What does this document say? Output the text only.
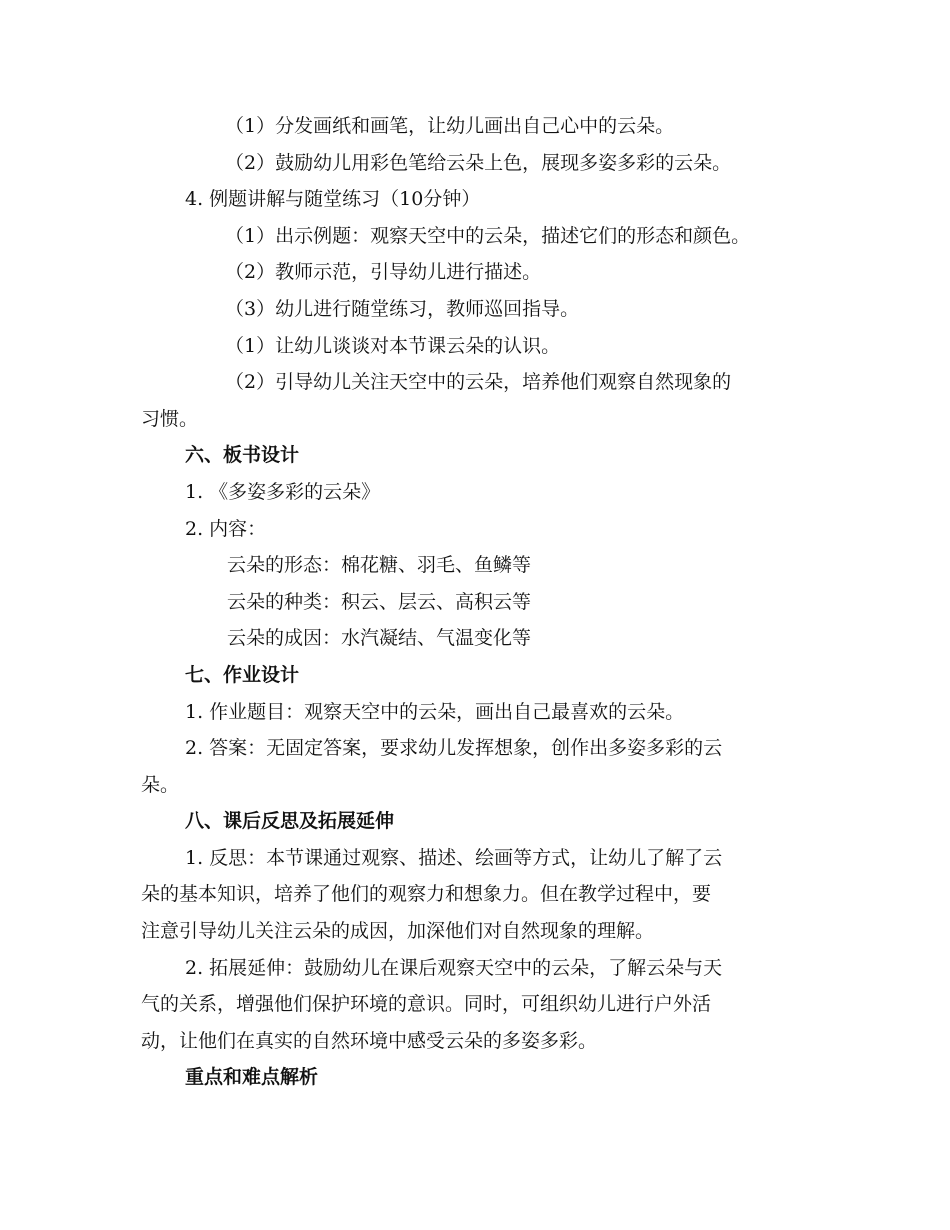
（1）分发画纸和画笔，让幼儿画出自己心中的云朵。
（2）鼓励幼儿用彩色笔给云朵上色，展现多姿多彩的云朵。
4. 例题讲解与随堂练习（10分钟）
（1）出示例题：观察天空中的云朵，描述它们的形态和颜色。
（2）教师示范，引导幼儿进行描述。
（3）幼儿进行随堂练习，教师巡回指导。
（1）让幼儿谈谈对本节课云朵的认识。
（2）引导幼儿关注天空中的云朵，培养他们观察自然现象的
习惯。
六、板书设计
1. 《多姿多彩的云朵》
2. 内容：
云朵的形态：棉花糖、羽毛、鱼鳞等
云朵的种类：积云、层云、高积云等
云朵的成因：水汽凝结、气温变化等
七、作业设计
1. 作业题目：观察天空中的云朵，画出自己最喜欢的云朵。
2. 答案：无固定答案，要求幼儿发挥想象，创作出多姿多彩的云
朵。
八、课后反思及拓展延伸
1. 反思：本节课通过观察、描述、绘画等方式，让幼儿了解了云
朵的基本知识，培养了他们的观察力和想象力。但在教学过程中，要
注意引导幼儿关注云朵的成因，加深他们对自然现象的理解。
2. 拓展延伸：鼓励幼儿在课后观察天空中的云朵，了解云朵与天
气的关系，增强他们保护环境的意识。同时，可组织幼儿进行户外活
动，让他们在真实的自然环境中感受云朵的多姿多彩。
重点和难点解析
